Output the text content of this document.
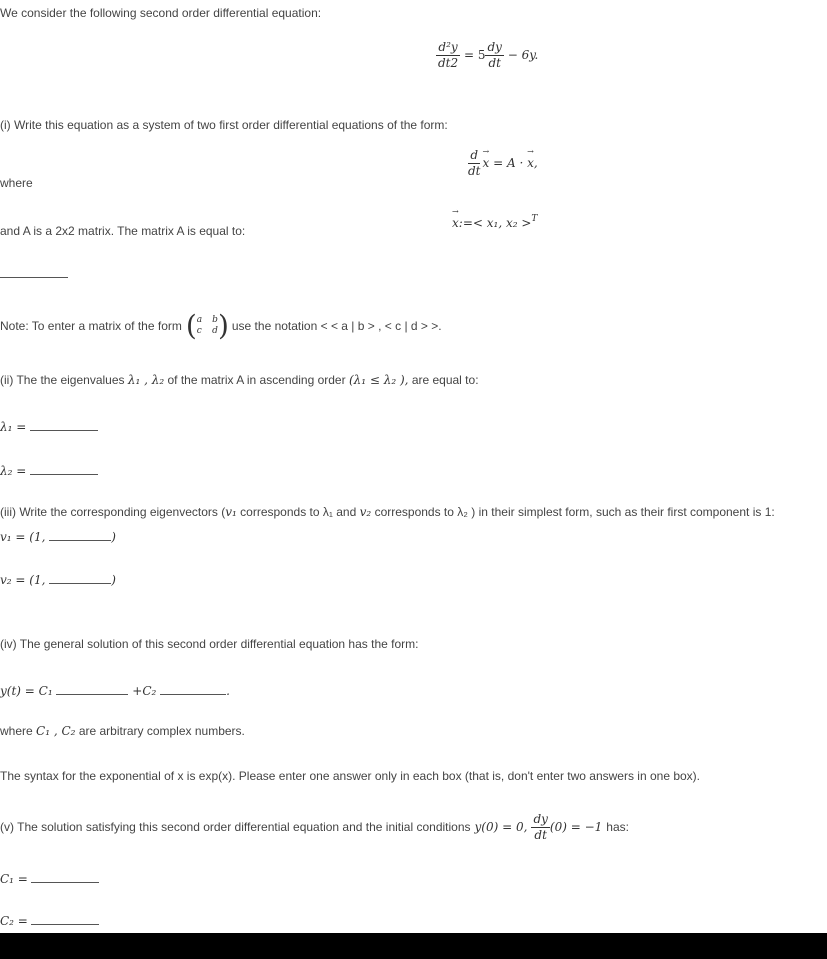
We consider the following second order differential equation:
$\frac{\text{d²y}}{dt2} = 5 \frac{dy}{dt} - 6y$.
(i) Write this equation as a system of two first order differential equations of the form:
$\frac{d}{dt}$
→ x = A · → x,
where
→ x:=< x₁, x₂ >$^T$
and A is a 2x2 matrix. The matrix A is equal to:
Note: To enter a matrix of the form ( a b
c d ) use the notation < < a | b > , < c | d > >.
(ii) The the eigenvalues λ₁ , λ₂ of the matrix A in ascending order (λ₁ ≤ λ₂ ), are equal to:
λ₁ =
λ₂ =
(iii) Write the corresponding eigenvectors (v₁ corresponds to λ₁ and v₂ corresponds to λ₂ ) in their simplest form, such as their first component is 1:
v₁ = (1,	)
v₂ = (1,	)
(iv) The general solution of this second order differential equation has the form:
y(t) = C₁	+C₂	.
where C₁ , C₂ are arbitrary complex numbers.
The syntax for the exponential of x is exp(x). Please enter one answer only in each box (that is, don't enter two answers in one box).
(v) The solution satisfying this second order differential equation and the initial conditions y(0) = 0, $\frac{dy}{dt} (0) = -1$ has:
C₁ =
C₂ =
